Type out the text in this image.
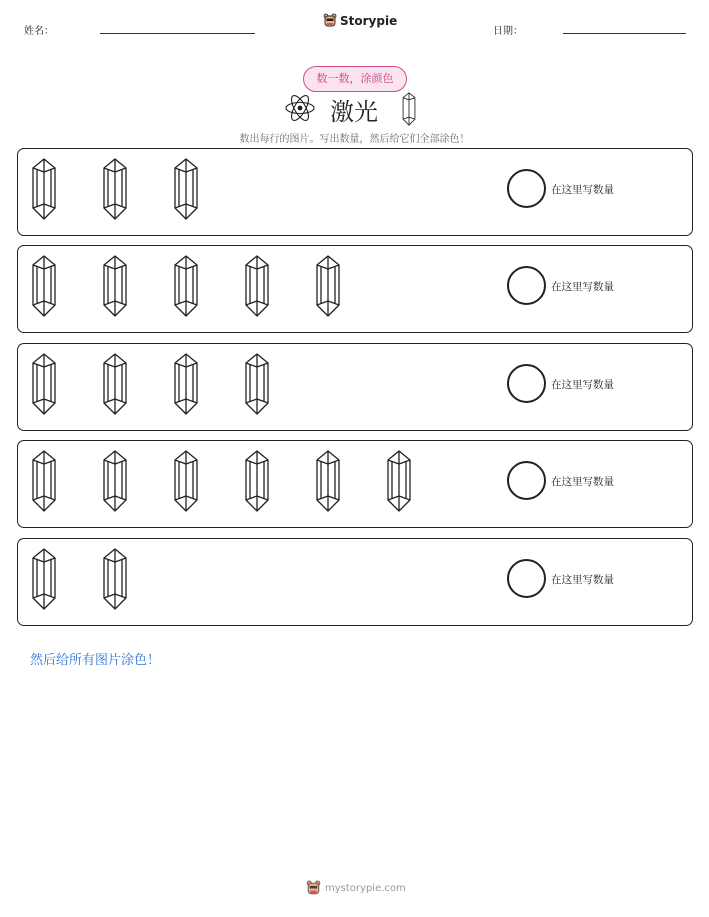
姓名：
Storypie
日期：
数一数，涂颜色
激光
数出每行的图片。写出数量，然后给它们全部涂色！
在这里写数量
在这里写数量
在这里写数量
在这里写数量
在这里写数量
然后给所有图片涂色！
mystorypie.com
